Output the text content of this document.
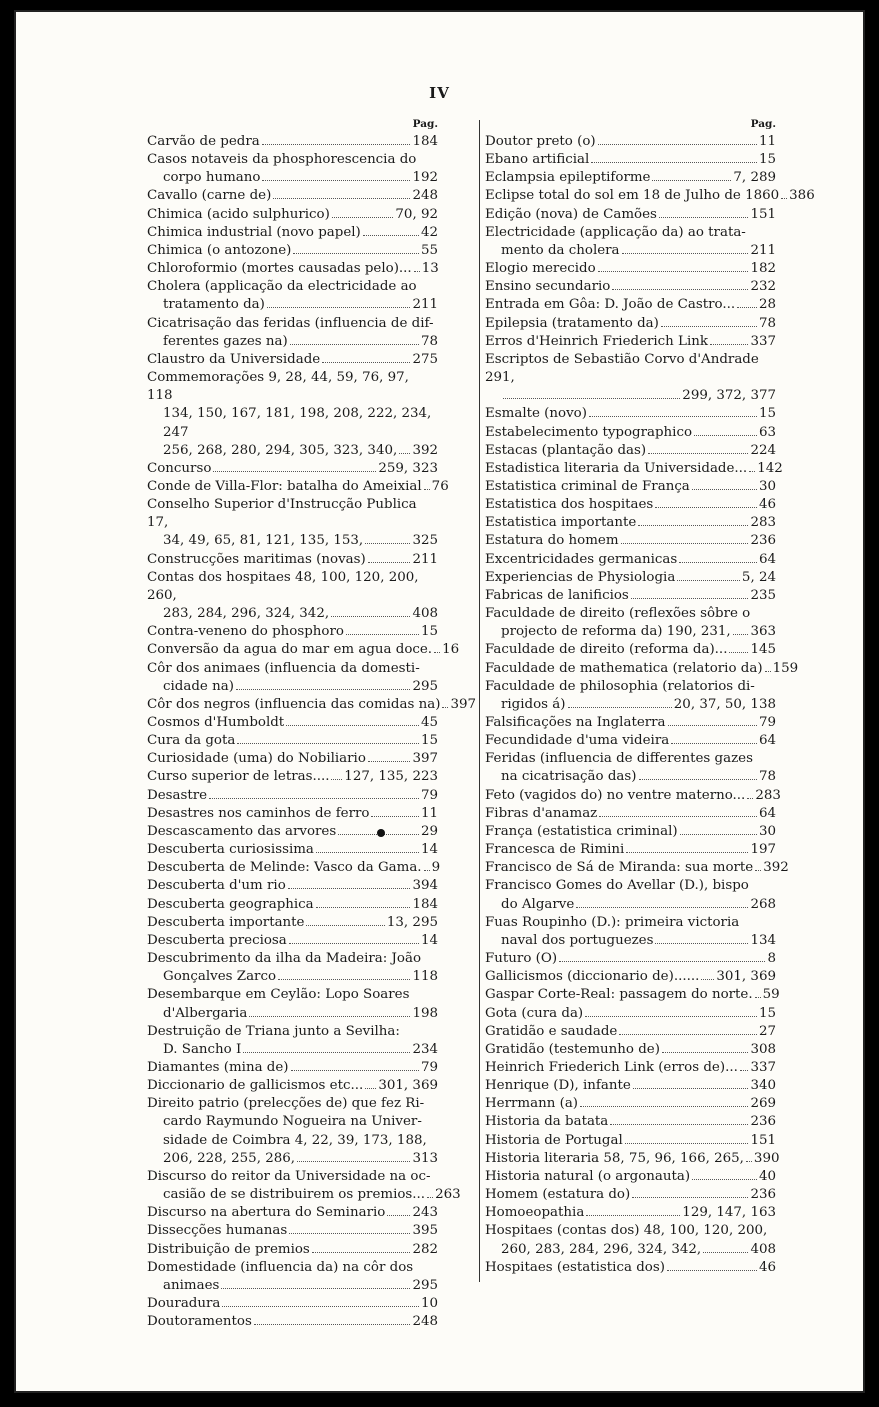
IV
Pag.
Carvão de pedra	184
Casos notaveis da phosphorescencia do
corpo humano	192
Cavallo (carne de)	248
Chimica (acido sulphurico)	70, 92
Chimica industrial (novo papel)	42
Chimica (o antozone)	55
Chloroformio (mortes causadas pelo)... 13
Cholera (applicação da electricidade ao
tratamento da)	211
Cicatrisação das feridas (influencia de dif-
ferentes gazes na)	78
Claustro da Universidade	275
Commemorações 9, 28, 44, 59, 76, 97, 118
134, 150, 167, 181, 198, 208, 222, 234, 247
256, 268, 280, 294, 305, 323, 340, 392
Concurso	259, 323
Conde de Villa-Flor: batalha do Ameixial 76
Conselho Superior d'Instrucção Publica 17,
34, 49, 65, 81, 121, 135, 153,	325
Construcções maritimas (novas)	211
Contas dos hospitaes 48, 100, 120, 200, 260,
283, 284, 296, 324, 342,	408
Contra-veneno do phosphoro	15
Conversão da agua do mar em agua doce. 16
Côr dos animaes (influencia da domesti-
cidade na)	295
Côr dos negros (influencia das comidas na) 397
Cosmos d'Humboldt	45
Cura da gota	15
Curiosidade (uma) do Nobiliario	397
Curso superior de letras.... 127, 135, 223
Desastre	79
Desastres nos caminhos de ferro	11
Descascamento das arvores	29
Descuberta curiosissima	14
Descuberta de Melinde: Vasco da Gama. 9
Descuberta d'um rio	394
Descuberta geographica	184
Descuberta importante	13, 295
Descuberta preciosa	14
Descubrimento da ilha da Madeira: João
Gonçalves Zarco	118
Desembarque em Ceylão: Lopo Soares
d'Albergaria	198
Destruição de Triana junto a Sevilha:
D. Sancho I	234
Diamantes (mina de)	79
Diccionario de gallicismos etc... 301, 369
Direito patrio (prelecções de) que fez Ri-
cardo Raymundo Nogueira na Univer-
sidade de Coimbra 4, 22, 39, 173, 188,
206, 228, 255, 286,	313
Discurso do reitor da Universidade na oc-
casião de se distribuirem os premios... 263
Discurso na abertura do Seminario 243
Dissecções humanas	395
Distribuição de premios	282
Domestidade (influencia da) na côr dos
animaes	295
Douradura	10
Doutoramentos	248
Pag.
Doutor preto (o)	11
Ebano artificial	15
Eclampsia epileptiforme	7, 289
Eclipse total do sol em 18 de Julho de 1860 386
Edição (nova) de Camões	151
Electricidade (applicação da) ao trata-
mento da cholera	211
Elogio merecido	182
Ensino secundario	232
Entrada em Gôa: D. João de Castro... 28
Epilepsia (tratamento da)	78
Erros d'Heinrich Friederich Link	337
Escriptos de Sebastião Corvo d'Andrade 291,
299, 372, 377
Esmalte (novo)	15
Estabelecimento typographico	63
Estacas (plantação das)	224
Estadistica literaria da Universidade... 142
Estatistica criminal de França	30
Estatistica dos hospitaes	46
Estatistica importante	283
Estatura do homem	236
Excentricidades germanicas	64
Experiencias de Physiologia	5, 24
Fabricas de lanificios	235
Faculdade de direito (reflexões sôbre o
projecto de reforma da) 190, 231, 363
Faculdade de direito (reforma da)... 145
Faculdade de mathematica (relatorio da) 159
Faculdade de philosophia (relatorios di-
rigidos á)	20, 37, 50, 138
Falsificações na Inglaterra	79
Fecundidade d'uma videira	64
Feridas (influencia de differentes gazes
na cicatrisação das)	78
Feto (vagidos do) no ventre materno... 283
Fibras d'anamaz	64
França (estatistica criminal)	30
Francesca de Rimini	197
Francisco de Sá de Miranda: sua morte 392
Francisco Gomes do Avellar (D.), bispo
do Algarve	268
Fuas Roupinho (D.): primeira victoria
naval dos portuguezes	134
Futuro (O)	8
Gallicismos (diccionario de)...... 301, 369
Gaspar Corte-Real: passagem do norte. 59
Gota (cura da)	15
Gratidão e saudade	27
Gratidão (testemunho de)	308
Heinrich Friederich Link (erros de)... 337
Henrique (D), infante	340
Herrmann (a)	269
Historia da batata	236
Historia de Portugal	151
Historia literaria 58, 75, 96, 166, 265, 390
Historia natural (o argonauta)	40
Homem (estatura do)	236
Homoeopathia	129, 147, 163
Hospitaes (contas dos) 48, 100, 120, 200,
260, 283, 284, 296, 324, 342,	408
Hospitaes (estatistica dos)	46
